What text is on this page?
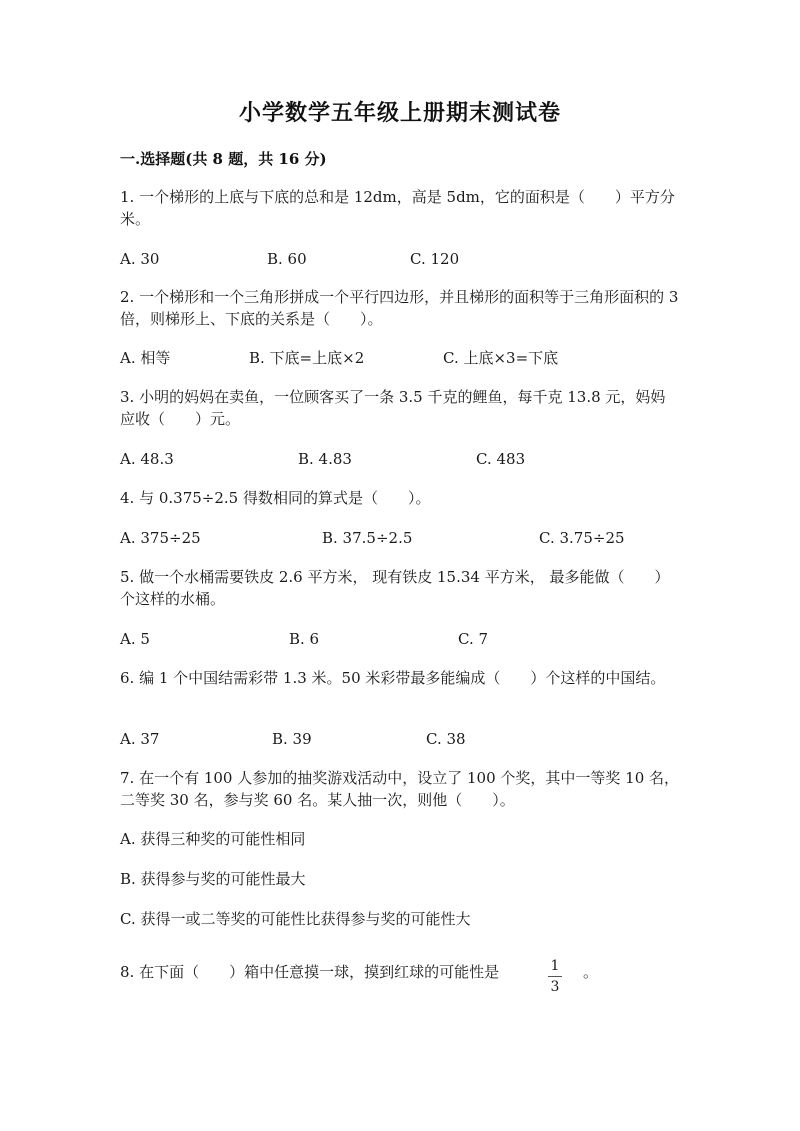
小学数学五年级上册期末测试卷
一.选择题(共 8 题，共 16 分)
1. 一个梯形的上底与下底的总和是 12dm，高是 5dm，它的面积是（　　）平方分米。
A. 30	B. 60	C. 120
2. 一个梯形和一个三角形拼成一个平行四边形，并且梯形的面积等于三角形面积的 3 倍，则梯形上、下底的关系是（　　）。
A. 相等	B. 下底=上底×2	C. 上底×3=下底
3. 小明的妈妈在卖鱼，一位顾客买了一条 3.5 千克的鲤鱼，每千克 13.8 元，妈妈应收（　　）元。
A. 48.3	B. 4.83	C. 483
4. 与 0.375÷2.5 得数相同的算式是（　　）。
A. 375÷25	B. 37.5÷2.5	C. 3.75÷25
5. 做一个水桶需要铁皮 2.6 平方米， 现有铁皮 15.34 平方米， 最多能做（　　）个这样的水桶。
A. 5	B. 6	C. 7
6. 编 1 个中国结需彩带 1.3 米。50 米彩带最多能编成（　　）个这样的中国结。
A. 37	B. 39	C. 38
7. 在一个有 100 人参加的抽奖游戏活动中，设立了 100 个奖，其中一等奖 10 名，二等奖 30 名，参与奖 60 名。某人抽一次，则他（　　）。
A. 获得三种奖的可能性相同
B. 获得参与奖的可能性最大
C. 获得一或二等奖的可能性比获得参与奖的可能性大
8. 在下面（　　）箱中任意摸一球，摸到红球的可能性是	1
3
。
